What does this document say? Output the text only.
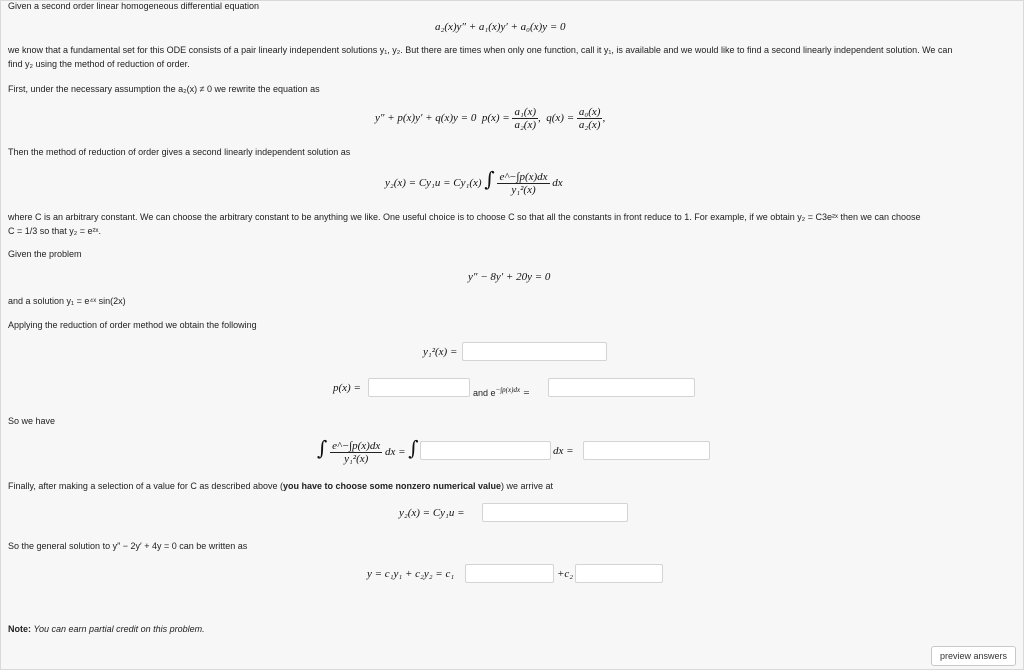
Given a second order linear homogeneous differential equation
a₂(x)y″ + a₁(x)y′ + a₀(x)y = 0
we know that a fundamental set for this ODE consists of a pair linearly independent solutions y₁, y₂. But there are times when only one function, call it y₁, is available and we would like to find a second linearly independent solution. We can
find y₂ using the method of reduction of order.
First, under the necessary assumption the a₂(x) ≠ 0 we rewrite the equation as
y″ + p(x)y′ + q(x)y = 0 $p(x) = \frac{\text{a₁(x)}}{\text{a₂(x)}}$ ,  $q(x) = \frac{\text{a₀(x)}}{\text{a₂(x)}}$ ,
Then the method of reduction of order gives a second linearly independent solution as
y₂(x) = Cy₁u = Cy₁(x) ∫ $\frac{e\^{}-\int p(x)dx}{\text{y₁²(x)}}$ dx
where C is an arbitrary constant. We can choose the arbitrary constant to be anything we like. One useful choice is to choose C so that all the constants in front reduce to 1. For example, if we obtain y₂ = C3e²ˣ then we can choose
C = 1/3 so that y₂ = e²ˣ.
Given the problem
y″ − 8y′ + 20y = 0
and a solution y₁ = e⁴ˣ sin(2x)
Applying the reduction of order method we obtain the following
y₁²(x) =
p(x) =	and $e^{-\int p(x)dx}$ =
So we have
∫ $\frac{e\^{}-\int p(x)dx}{\text{y₁²(x)}}$ dx = ∫	dx =
Finally, after making a selection of a value for C as described above (you have to choose some nonzero numerical value) we arrive at
y₂(x) = Cy₁u =
So the general solution to y″ − 2y′ + 4y = 0 can be written as
y = c₁y₁ + c₂y₂ = c₁	+c₂
Note: You can earn partial credit on this problem.
preview answers
